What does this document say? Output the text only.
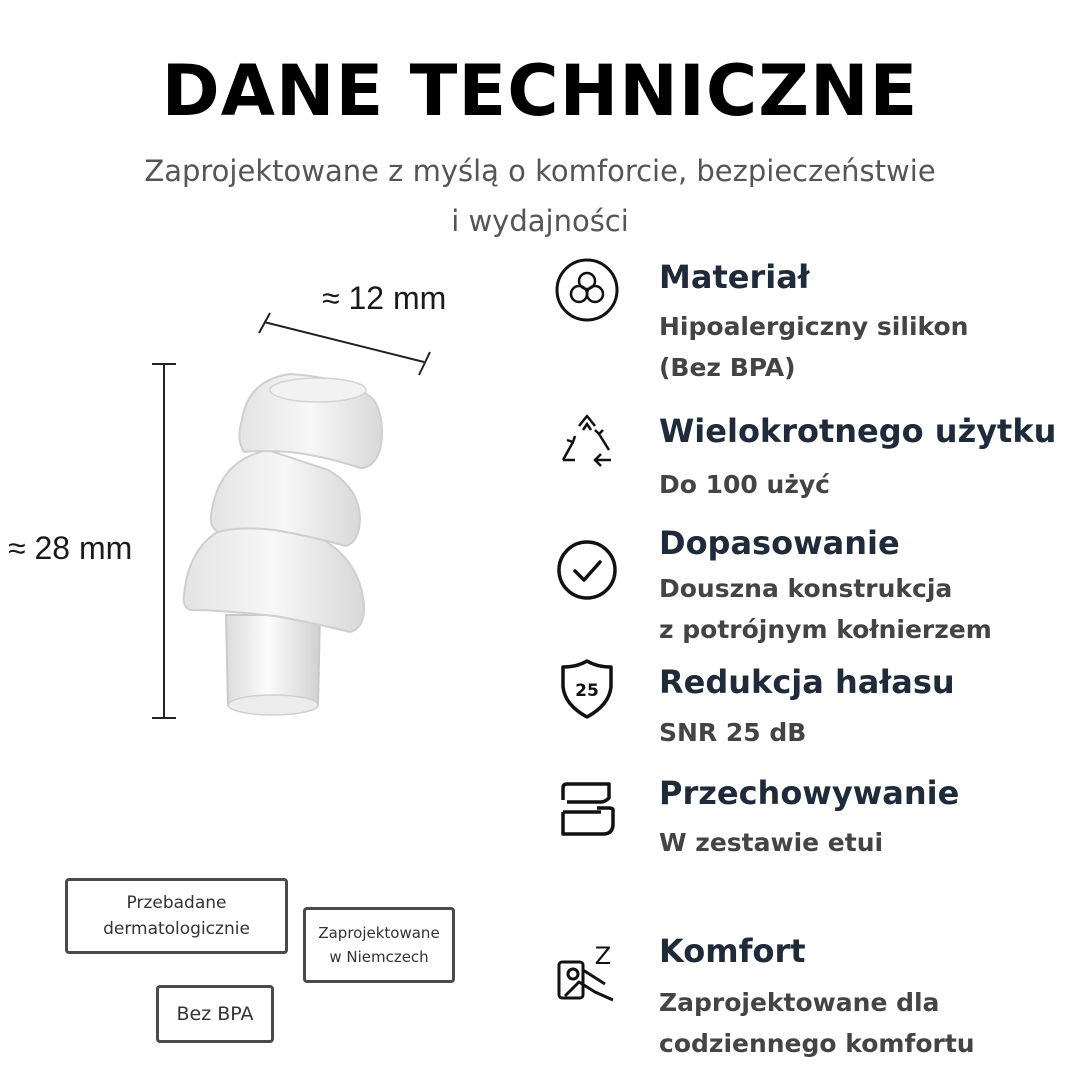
DANE TECHNICZNE
Zaprojektowane z myślą o komforcie, bezpieczeństwie
i wydajności
≈ 12 mm
≈ 28 mm
Przebadane
dermatologicznie	Zaprojektowane
w Niemczech
Bez BPA
Materiał
Hipoalergiczny silikon
(Bez BPA)
Wielokrotnego użytku
Do 100 użyć
Dopasowanie
Douszna konstrukcja
z potrójnym kołnierzem
25 Redukcja hałasu
SNR 25 dB
Przechowywanie
W zestawie etui
Z Komfort
Zaprojektowane dla
codziennego komfortu
